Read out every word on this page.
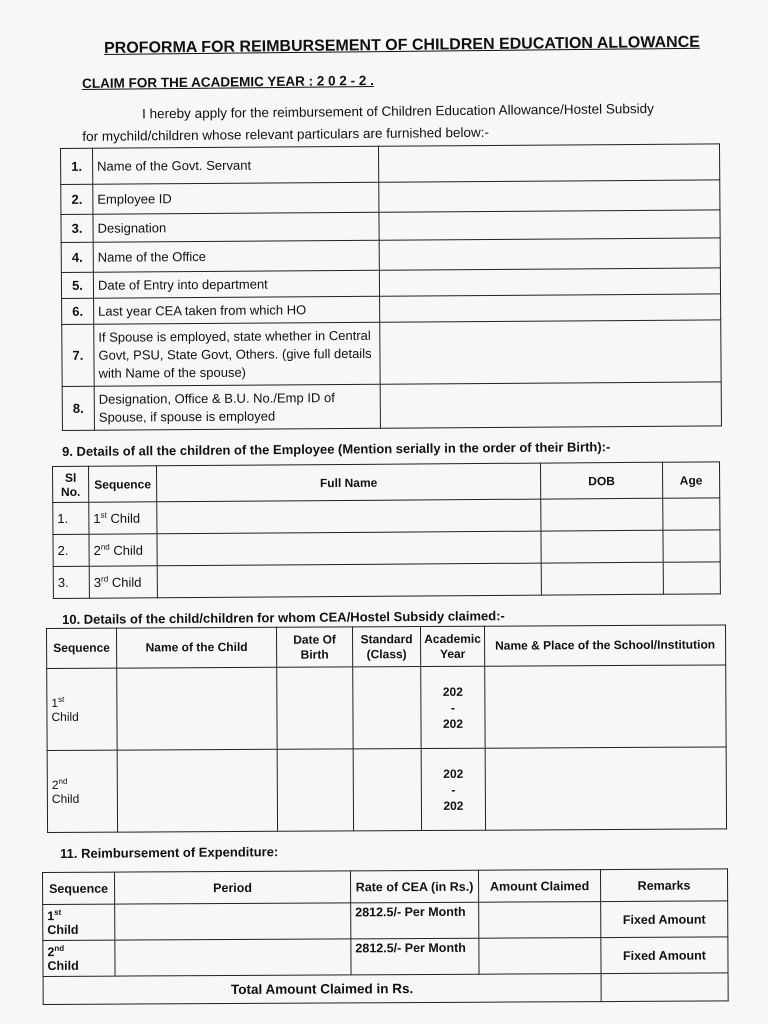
PROFORMA FOR REIMBURSEMENT OF CHILDREN EDUCATION ALLOWANCE
CLAIM FOR THE ACADEMIC YEAR : 2 0 2 - 2 .
I hereby apply for the reimbursement of Children Education Allowance/Hostel Subsidy
for mychild/children whose relevant particulars are furnished below:-
1.	Name of the Govt. Servant	
2.	Employee ID	
3.	Designation	
4.	Name of the Office	
5.	Date of Entry into department	
6.	Last year CEA taken from which HO	
7.	If Spouse is employed, state whether in Central Govt, PSU, State Govt, Others. (give full details with Name of the spouse)	
8.	Designation, Office & B.U. No./Emp ID of Spouse, if spouse is employed	
9. Details of all the children of the Employee (Mention serially in the order of their Birth):-
Sl No.	Sequence	Full Name	DOB	Age
1.	1st Child			
2.	2nd Child			
3.	3rd Child			
10. Details of the child/children for whom CEA/Hostel Subsidy claimed:-
Sequence	Name of the Child	Date Of Birth	Standard (Class)	Academic Year	Name & Place of the School/Institution
1st
Child				202
-
202	
2nd
Child				202
-
202	
11. Reimbursement of Expenditure:
Sequence	Period	Rate of CEA (in Rs.)	Amount Claimed	Remarks
1st
Child		2812.5/- Per Month		Fixed Amount
2nd
Child		2812.5/- Per Month		Fixed Amount
Total Amount Claimed in Rs.				
